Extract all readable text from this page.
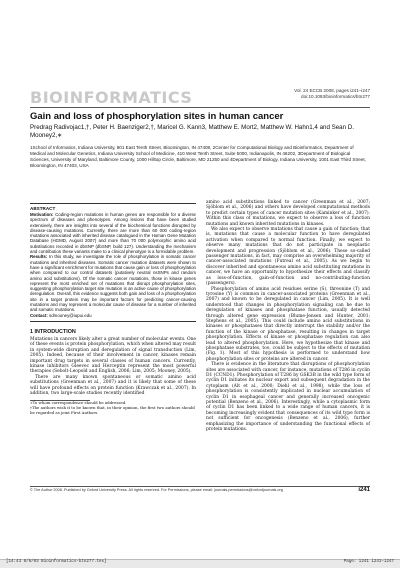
BIOINFORMATICS	Vol. 24 ECCB 2008, pages i241–i247
doi:10.1093/bioinformatics/btn277
Gain and loss of phosphorylation sites in human cancer
Predrag Radivojac1,†, Peter H. Baenziger2,†, Maricel G. Kann3, Matthew E. Mort2, Matthew W. Hahn1,4 and Sean D. Mooney2,∗
1School of Informatics, Indiana University, 901 East Tenth Street, Bloomington, IN 47408, 2Center for Computational Biology and Bioinformatics, Department of Medical and Molecular Genetics, Indiana University School of Medicine, 410 West Tenth Street, Suite 5000, Indianapolis, IN 46202, 3Department of Biological Sciences, University of Maryland, Baltimore County, 1000 Hilltop Circle, Baltimore, MD 21250 and 4Department of Biology, Indiana University, 1001 East Third Street, Bloomington, IN 47403, USA
ABSTRACT
Motivation: Coding-region mutations in human genes are responsible for a diverse spectrum of diseases and phenotypes. Among lesions that have been studied extensively, there are insights into several of the biochemical functions disrupted by disease-causing mutations. Currently, there are more than 60 000 coding-region mutations associated with inherited disease catalogued in the Human Gene Mutation Database (HGMD, August 2007) and more than 70 000 polymorphic amino acid substitutions recorded in dbSNP (dbSNP, build 127). Understanding the mechanism and contribution these variants make to a clinical phenotype is a formidable problem.
Results: In this study, we investigate the role of phosphorylation in somatic cancer mutations and inherited diseases. Somatic cancer mutation datasets were shown to have a significant enrichment for mutations that cause gain or loss of phosphorylation when compared to our control datasets (putatively neutral nsSNPs and random amino acid substitutions). Of the somatic cancer mutations, those in kinase genes represent the most enriched set of mutations that disrupt phosphorylation sites, suggesting phosphorylation target site mutation is an active cause of phosphorylation deregulation. Overall, this evidence suggests both gain and loss of a phosphorylation site in a target protein may be important factors for predicting cancer-causing mutations and may represent a molecular cause of disease for a number of inherited and somatic mutations.
Contact: sdmooney@iupui.edu
1 INTRODUCTION

Mutations in cancers likely alter a great number of molecular events. One of these events is protein phosphorylation, which when altered may result in system-wide disruption and deregulation of signal transduction (Lim, 2005). Indeed, because of their involvement in cancer, kinases remain important drug targets in several classes of human cancers. Currently, kinase inhibitors Gleevec and Herceptin represent the most powerful therapies (Sebolt-Leopold and English, 2006; Lim, 2005; Mooney, 2005).

There are many known spontaneous or somatic amino acid substitutions (Greenman et al., 2007) and it is likely that some of these will have profound effects on protein function (Krawczak et al., 2007). In addition, two large-scale studies recently identified

∗To whom correspondence should be addressed.
†The authors wish it to be known that, in their opinion, the first two authors should be regarded as joint First Authors.

amino acid substitutions linked to cancer (Greenman et al., 2007; Sjöblom et al., 2006) and others have developed computational methods to predict certain types of cancer mutation sites (Kaminker et al., 2007). Within this class of mutations, we expect to observe a loss of function mutations and known inherited mutations in kinases.

We also expect to observe mutations that cause a gain of function; that is, mutations that cause a molecular function to have deregulated activation when compared to normal function. Finally, we expect to observe many mutations that do not participate in neoplastic development and progression (Sjöblom et al., 2006). These so-called passenger mutations, in fact, may comprise an overwhelming majority of cancer-associated mutations (Futreal et al., 2005). As we begin to discover inherited and spontaneous amino acid substituting mutations in cancer, we have an opportunity to hypothesize their effects and classify as loss-of-function, gain-of-function and no-contributing-function (passengers).

Phosphorylation of amino acid residues serine (S), threonine (T) and tyrosine (Y) is common in cancer-associated proteins (Greenman et al., 2007) and known to be deregulated in cancer (Lim, 2005). It is well understood that changes in phosphorylation signaling can be due to deregulation of kinases and phosphatase function, usually detected through altered gene expression (Blume-Jensen and Hunter, 2001; Stephens et al., 2005). This could include amino acid substitutions in kinases or phosphatases that directly interrupt the stability and/or the function of the kinase or phosphatase, resulting in changes in target phosphorylation. Effects of kinase or phosphatase regulation can also lead to altered phosphorylation. Here, we hypothesize that kinase and phosphatase substrates, too, could be subject to the effects of mutation (Fig. 1). Most of this hypothesis is performed to understand how phosphorylation sites or proteins are altered in cancer.

There is evidence in the literature that disruptions of phosphorylation sites are associated with cancer, for instance, mutations of T286 in cyclin D1 (CCND1). Phosphorylation of T286 by GSK3B in the wild type form of cyclin D1 initiates its nuclear export and subsequent degradation in the cytoplasm (Alt et al., 2000; Diehl et al., 1998), while the loss of phosphorylation is consistently implicated in nuclear accumulation of cyclin D1 in esophageal cancer and generally increased oncogenic potential (Benzeno et al., 2006). Interestingly, while a cytoplasmic form of cyclin D1 has been linked to a wide range of human cancers, it is becoming increasingly evident that consequences of its wild type form is not sufficient for oncogenesis (Benzeno et al., 2006), further emphasizing the importance of understanding the functional effects of protein mutations.

© The Author 2008. Published by Oxford University Press. All rights reserved. For Permissions, please email: journals.permissions@oxfordjournals.org	i241
[14:43 8/8/03 Bioinformatics-btn277.tex]	Page: i241 i241–i247
